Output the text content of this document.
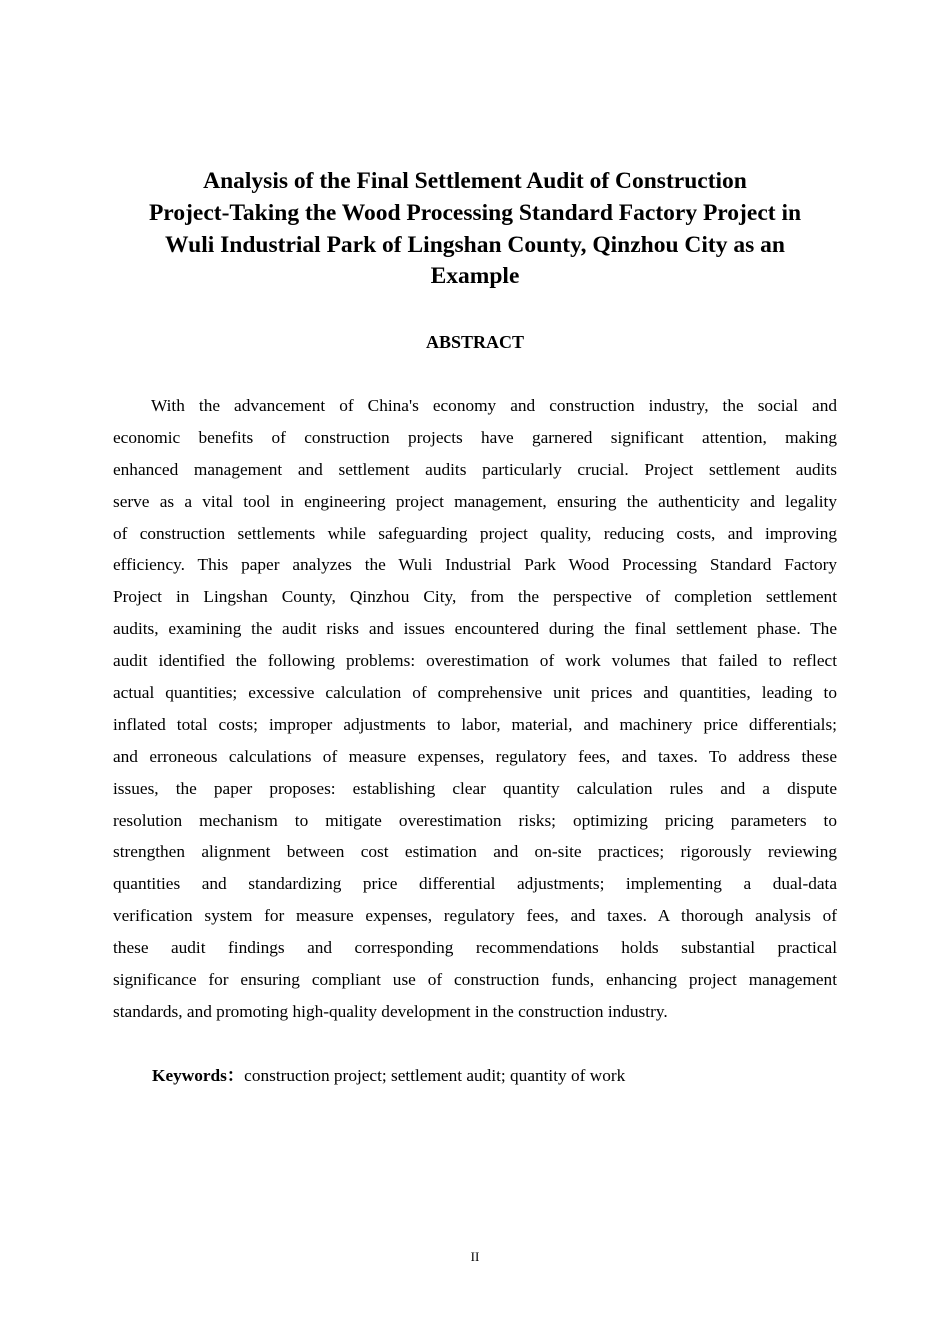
Analysis of the Final Settlement Audit of Construction
Project-Taking the Wood Processing Standard Factory Project in
Wuli Industrial Park of Lingshan County, Qinzhou City as an
Example
ABSTRACT
With the advancement of China's economy and construction industry, the social and
economic benefits of construction projects have garnered significant attention, making
enhanced management and settlement audits particularly crucial. Project settlement audits
serve as a vital tool in engineering project management, ensuring the authenticity and legality
of construction settlements while safeguarding project quality, reducing costs, and improving
efficiency. This paper analyzes the Wuli Industrial Park Wood Processing Standard Factory
Project in Lingshan County, Qinzhou City, from the perspective of completion settlement
audits, examining the audit risks and issues encountered during the final settlement phase. The
audit identified the following problems: overestimation of work volumes that failed to reflect
actual quantities; excessive calculation of comprehensive unit prices and quantities, leading to
inflated total costs; improper adjustments to labor, material, and machinery price differentials;
and erroneous calculations of measure expenses, regulatory fees, and taxes. To address these
issues, the paper proposes: establishing clear quantity calculation rules and a dispute
resolution mechanism to mitigate overestimation risks; optimizing pricing parameters to
strengthen alignment between cost estimation and on-site practices; rigorously reviewing
quantities and standardizing price differential adjustments; implementing a dual-data
verification system for measure expenses, regulatory fees, and taxes. A thorough analysis of
these audit findings and corresponding recommendations holds substantial practical
significance for ensuring compliant use of construction funds, enhancing project management
standards, and promoting high-quality development in the construction industry.

Keywords：construction project; settlement audit; quantity of work

II
